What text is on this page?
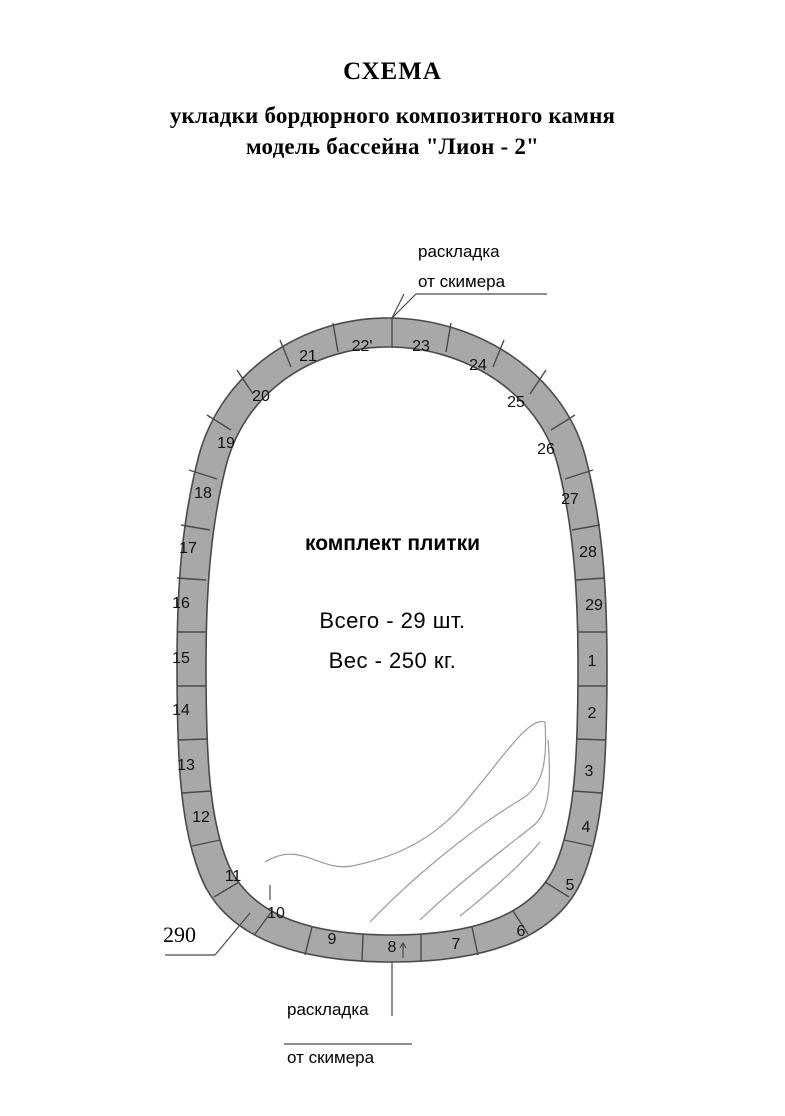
СХЕМА
укладки бордюрного композитного камня
модель бассейна "Лион - 2"
раскладка
от скимера
раскладка
от скимера
290
комплект плитки
Всего - 29 шт.
Вес - 250 кг.
21
22' 23
24
25
26
27
28
29
1
2
3
4
5
6
7
8
9
10
11
12
13
14
15
16
17
18
19
20
